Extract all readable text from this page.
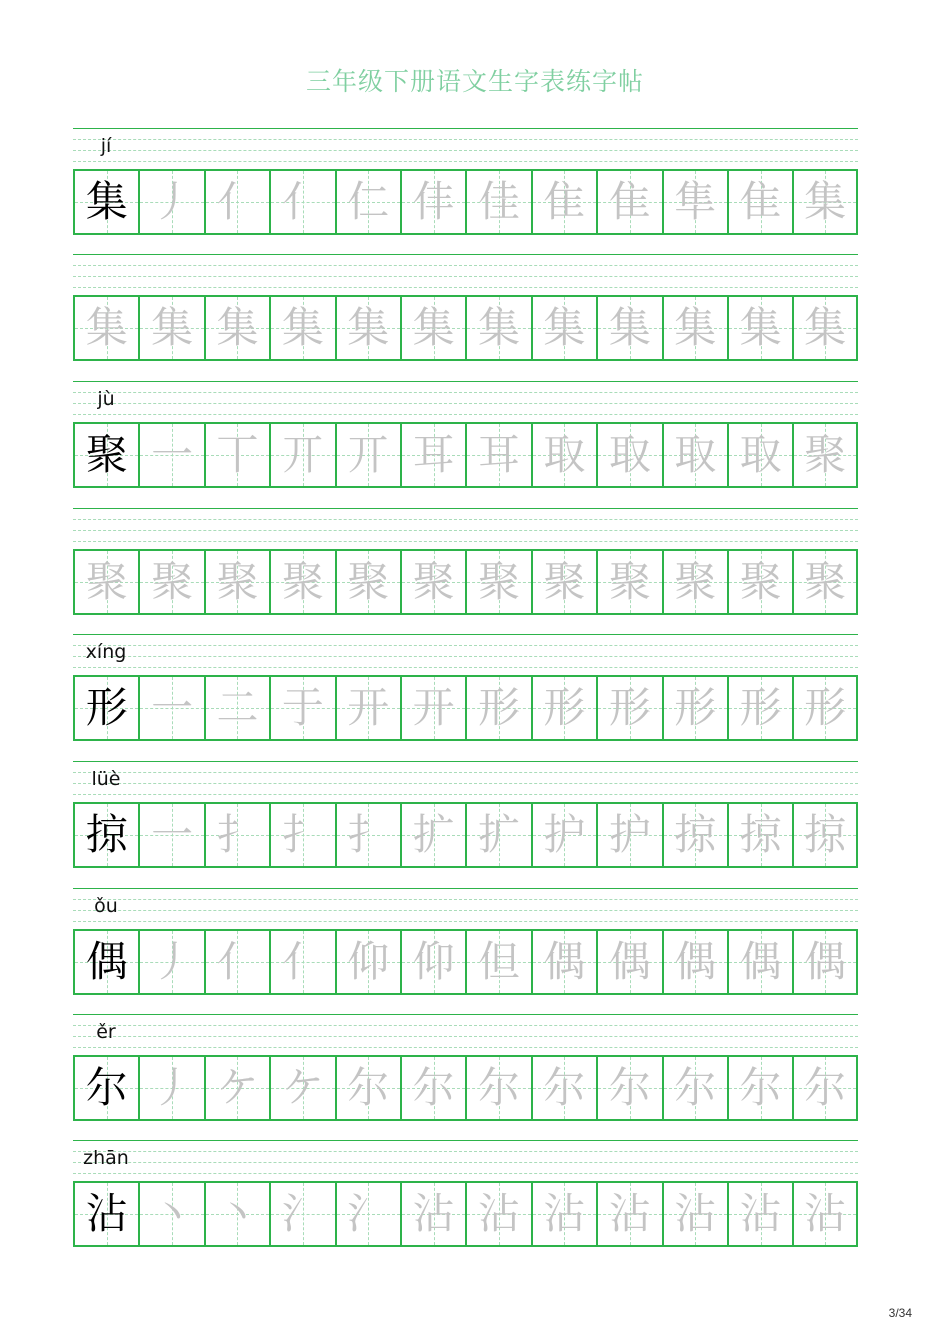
三年级下册语文生字表练字帖
jí
集 丿 亻 亻 仁 仹 佳 隹 隹 隼 隹 集
集 集 集 集 集 集 集 集 集 集 集 集
jù
聚 一 丅 丌 丌 耳 耳 取 取 取 取 聚
聚 聚 聚 聚 聚 聚 聚 聚 聚 聚 聚 聚
xíng
形 一 二 于 开 开 形 形 形 形 形 形
lüè
掠 一 扌 扌 扌 扩 扩 护 护 掠 掠 掠
ǒu
偶 丿 亻 亻 仰 仰 但 偶 偶 偶 偶 偶
ěr
尔 丿 ケ ケ 尔 尔 尔 尔 尔 尔 尔 尔
zhān
沾 丶 丶 氵 氵 沾 沾 沾 沾 沾 沾 沾
3/34
